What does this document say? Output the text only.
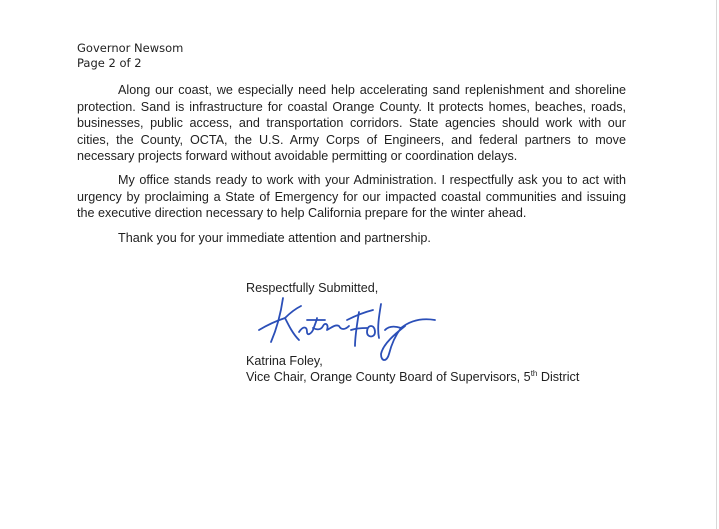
Governor Newsom
Page 2 of 2

Along our coast, we especially need help accelerating sand replenishment and shoreline protection. Sand is infrastructure for coastal Orange County. It protects homes, beaches, roads, businesses, public access, and transportation corridors. State agencies should work with our cities, the County, OCTA, the U.S. Army Corps of Engineers, and federal partners to move necessary projects forward without avoidable permitting or coordination delays.

My office stands ready to work with your Administration. I respectfully ask you to act with urgency by proclaiming a State of Emergency for our impacted coastal communities and issuing the executive direction necessary to help California prepare for the winter ahead.

Thank you for your immediate attention and partnership.

Respectfully Submitted,
Katrina Foley,
Vice Chair, Orange County Board of Supervisors, 5th District
